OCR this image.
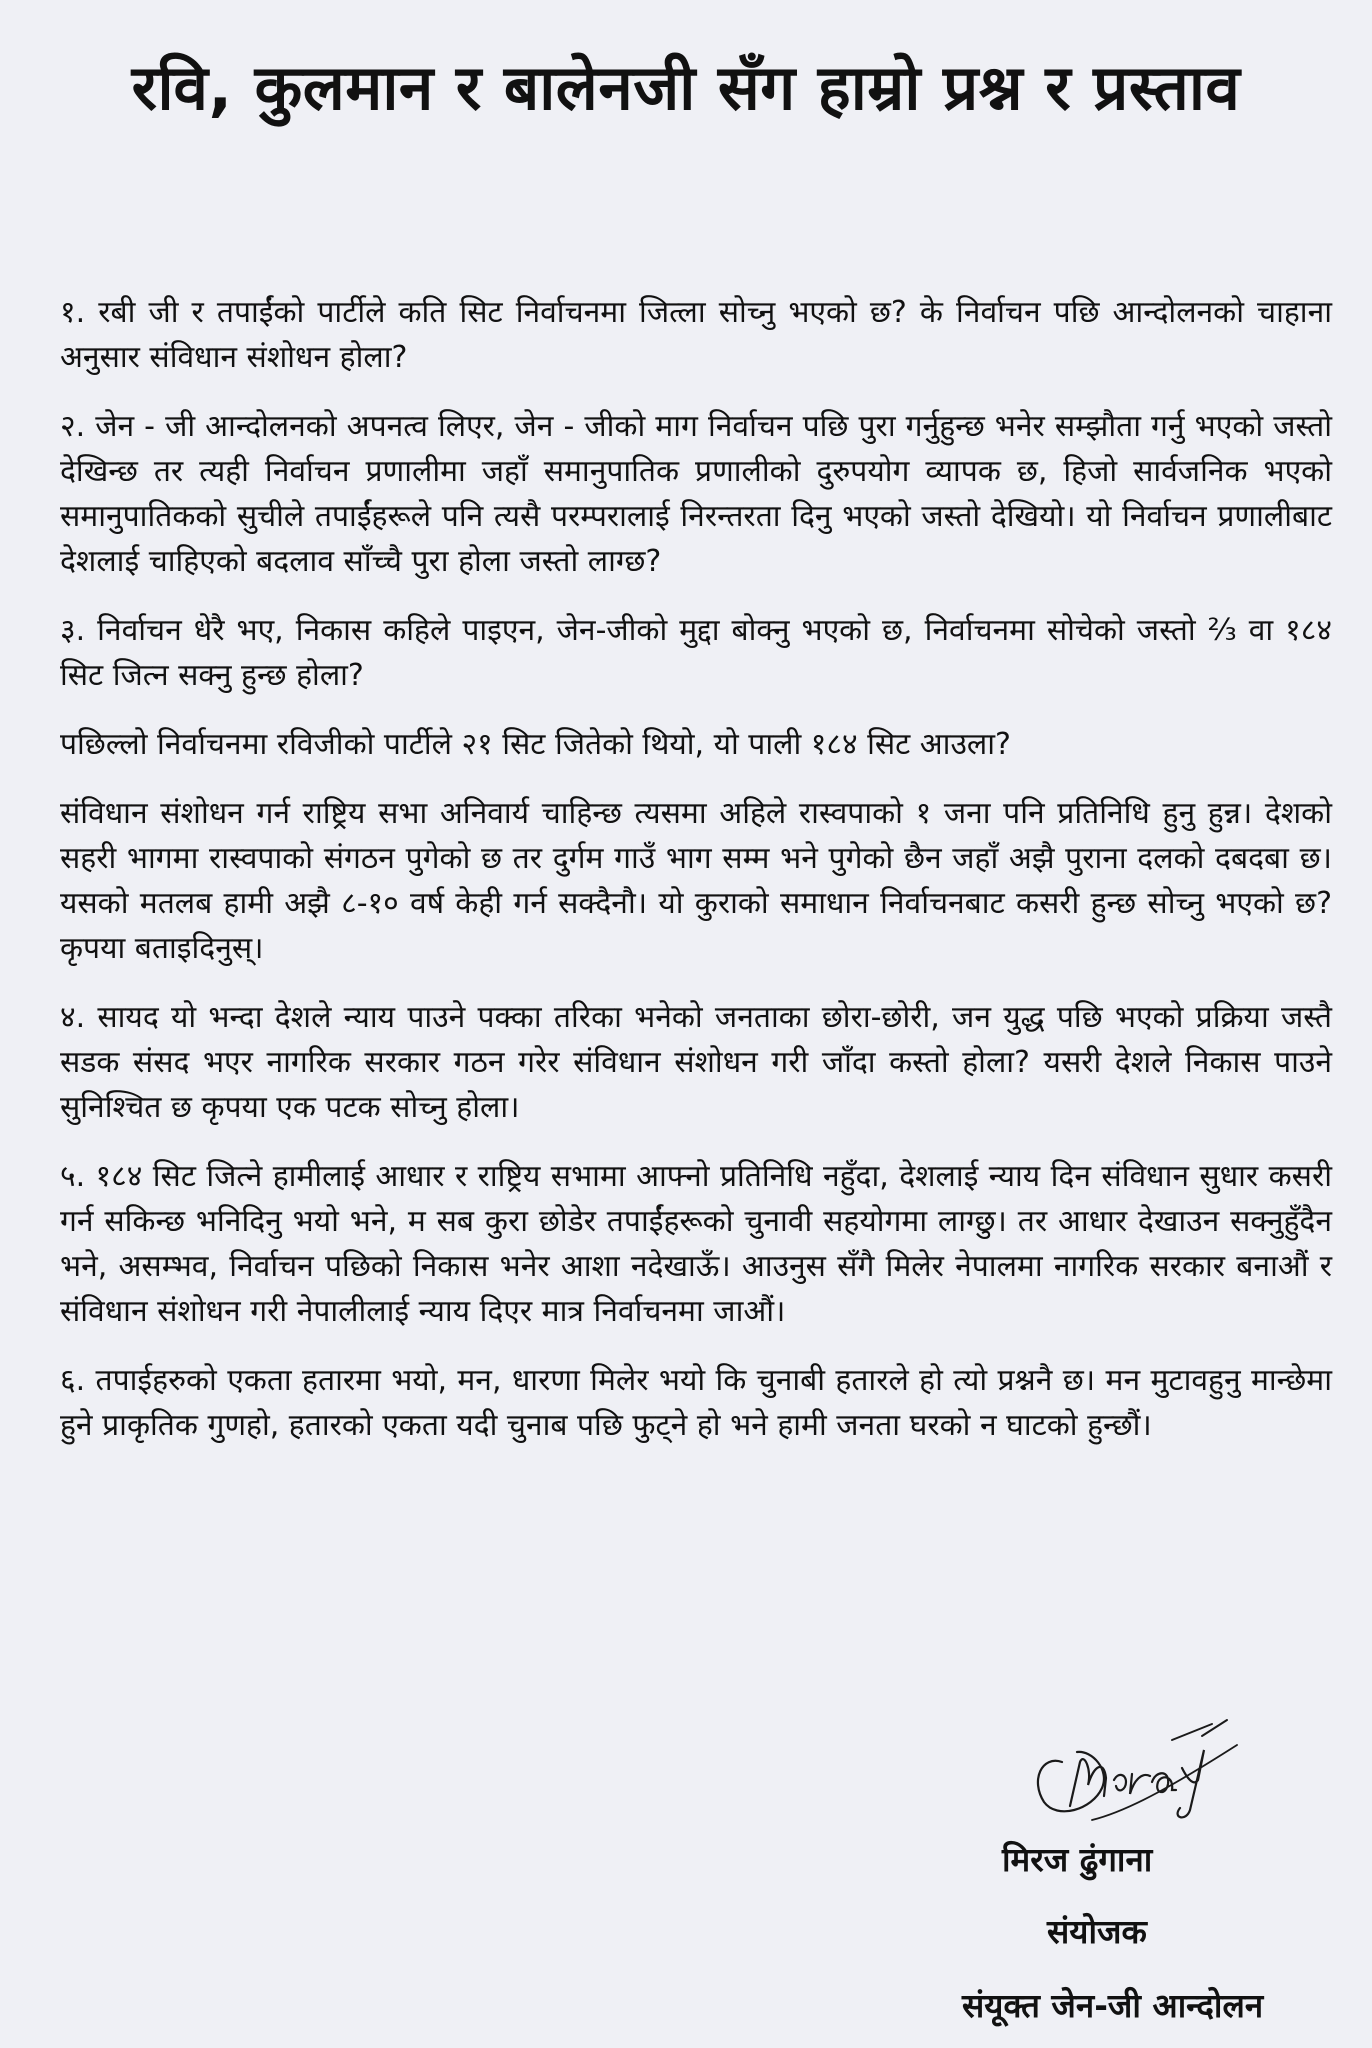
रवि, कुलमान र बालेनजी सँग हाम्रो प्रश्न र प्रस्ताव

१. रबी जी र तपाईंको पार्टीले कति सिट निर्वाचनमा जित्ला सोच्नु भएको छ? के निर्वाचन पछि आन्दोलनको चाहाना अनुसार संविधान संशोधन होला?

२. जेन - जी आन्दोलनको अपनत्व लिएर, जेन - जीको माग निर्वाचन पछि पुरा गर्नुहुन्छ भनेर सम्झौता गर्नु भएको जस्तो देखिन्छ तर त्यही निर्वाचन प्रणालीमा जहाँ समानुपातिक प्रणालीको दुरुपयोग व्यापक छ, हिजो सार्वजनिक भएको समानुपातिकको सुचीले तपाईंहरूले पनि त्यसै परम्परालाई निरन्तरता दिनु भएको जस्तो देखियो। यो निर्वाचन प्रणालीबाट देशलाई चाहिएको बदलाव साँच्चै पुरा होला जस्तो लाग्छ?

३. निर्वाचन धेरै भए, निकास कहिले पाइएन, जेन-जीको मुद्दा बोक्नु भएको छ, निर्वाचनमा सोचेको जस्तो ⅔ वा १८४ सिट जित्न सक्नु हुन्छ होला?

पछिल्लो निर्वाचनमा रविजीको पार्टीले २१ सिट जितेको थियो, यो पाली १८४ सिट आउला?

संविधान संशोधन गर्न राष्ट्रिय सभा अनिवार्य चाहिन्छ त्यसमा अहिले रास्वपाको १ जना पनि प्रतिनिधि हुनु हुन्न। देशको सहरी भागमा रास्वपाको संगठन पुगेको छ तर दुर्गम गाउँ भाग सम्म भने पुगेको छैन जहाँ अझै पुराना दलको दबदबा छ। यसको मतलब हामी अझै ८-१० वर्ष केही गर्न सक्दैनौ। यो कुराको समाधान निर्वाचनबाट कसरी हुन्छ सोच्नु भएको छ? कृपया बताइदिनुस्।

४. सायद यो भन्दा देशले न्याय पाउने पक्का तरिका भनेको जनताका छोरा-छोरी, जन युद्ध पछि भएको प्रक्रिया जस्तै सडक संसद भएर नागरिक सरकार गठन गरेर संविधान संशोधन गरी जाँदा कस्तो होला? यसरी देशले निकास पाउने सुनिश्चित छ कृपया एक पटक सोच्नु होला।

५. १८४ सिट जित्ने हामीलाई आधार र राष्ट्रिय सभामा आफ्नो प्रतिनिधि नहुँदा, देशलाई न्याय दिन संविधान सुधार कसरी गर्न सकिन्छ भनिदिनु भयो भने, म सब कुरा छोडेर तपाईंहरूको चुनावी सहयोगमा लाग्छु। तर आधार देखाउन सक्नुहुँदैन भने, असम्भव, निर्वाचन पछिको निकास भनेर आशा नदेखाऊँ। आउनुस सँगै मिलेर नेपालमा नागरिक सरकार बनाऔं र संविधान संशोधन गरी नेपालीलाई न्याय दिएर मात्र निर्वाचनमा जाऔं।

६. तपाईहरुको एकता हतारमा भयो, मन, धारणा मिलेर भयो कि चुनाबी हतारले हो त्यो प्रश्ननै छ। मन मुटावहुनु मान्छेमा हुने प्राकृतिक गुणहो, हतारको एकता यदी चुनाब पछि फुट्ने हो भने हामी जनता घरको न घाटको हुन्छौं।

मिरज ढुंगाना

संयोजक

संयूक्त जेन-जी आन्दोलन
